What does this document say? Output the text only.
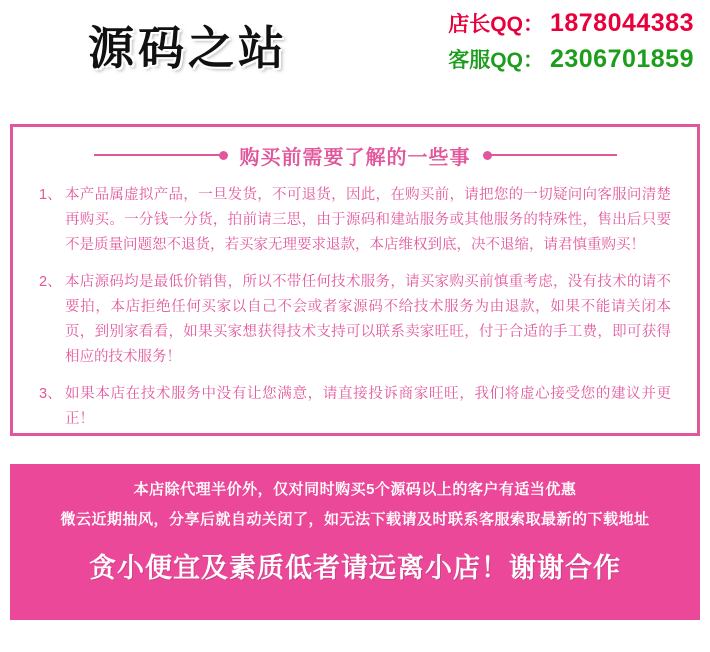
源码之站	店长QQ： 1878044383
客服QQ： 2306701859
购买前需要了解的一些事
1、 本产品属虚拟产品，一旦发货，不可退货，因此，在购买前，请把您的一切疑问向客服问清楚再购买。一分钱一分货，拍前请三思，由于源码和建站服务或其他服务的特殊性，售出后只要不是质量问题恕不退货，若买家无理要求退款，本店维权到底，决不退缩，请君慎重购买！
2、 本店源码均是最低价销售，所以不带任何技术服务，请买家购买前慎重考虑，没有技术的请不要拍，本店拒绝任何买家以自己不会或者家源码不给技术服务为由退款，如果不能请关闭本页，到别家看看，如果买家想获得技术支持可以联系卖家旺旺，付于合适的手工费，即可获得相应的技术服务！
3、 如果本店在技术服务中没有让您满意，请直接投诉商家旺旺，我们将虚心接受您的建议并更正！
本店除代理半价外，仅对同时购买5个源码以上的客户有适当优惠
微云近期抽风，分享后就自动关闭了，如无法下载请及时联系客服索取最新的下载地址
贪小便宜及素质低者请远离小店！谢谢合作
